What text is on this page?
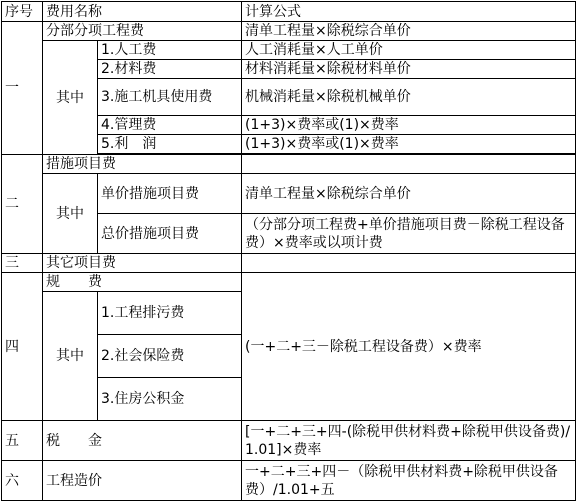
序号	费用名称		计算公式
一	分部分项工程费		清单工程量×除税综合单价
	其中	1.人工费	人工消耗量×人工单价
		2.材料费	材料消耗量×除税材料单价
		3.施工机具使用费	机械消耗量×除税机械单价
		4.管理费	(1+3)×费率或(1)×费率
		5.利　润	(1+3)×费率或(1)×费率

二	措施项目费		
	其中	单价措施项目费	清单工程量×除税综合单价
		总价措施项目费	（分部分项工程费+单价措施项目费－除税工程设备费）×费率或以项计费
三	其它项目费		
四	规　　费		(一+二+三－除税工程设备费）×费率
	其中	1.工程排污费	
		2.社会保险费	
		3.住房公积金	
五	税　　金		[一+二+三+四-(除税甲供材料费+除税甲供设备费)/1.01]×费率
六	工程造价		一+二+三+四－（除税甲供材料费+除税甲供设备费）/1.01+五
